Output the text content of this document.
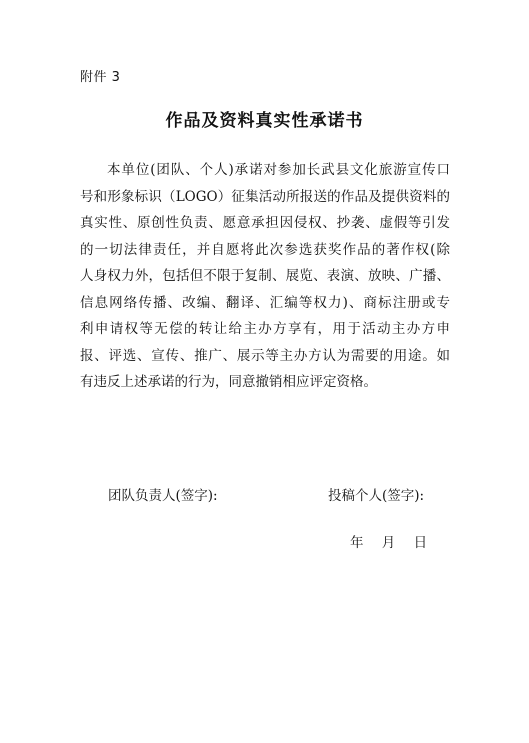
附件 3
作品及资料真实性承诺书
本单位(团队、个人)承诺对参加长武县文化旅游宣传口
号和形象标识（LOGO）征集活动所报送的作品及提供资料的
真实性、原创性负责、愿意承担因侵权、抄袭、虚假等引发
的一切法律责任，并自愿将此次参选获奖作品的著作权(除
人身权力外，包括但不限于复制、展览、表演、放映、广播、
信息网络传播、改编、翻译、汇编等权力)、商标注册或专
利申请权等无偿的转让给主办方享有，用于活动主办方申
报、评选、宣传、推广、展示等主办方认为需要的用途。如
有违反上述承诺的行为，同意撤销相应评定资格。
团队负责人(签字):	投稿个人(签字):
年 月 日
